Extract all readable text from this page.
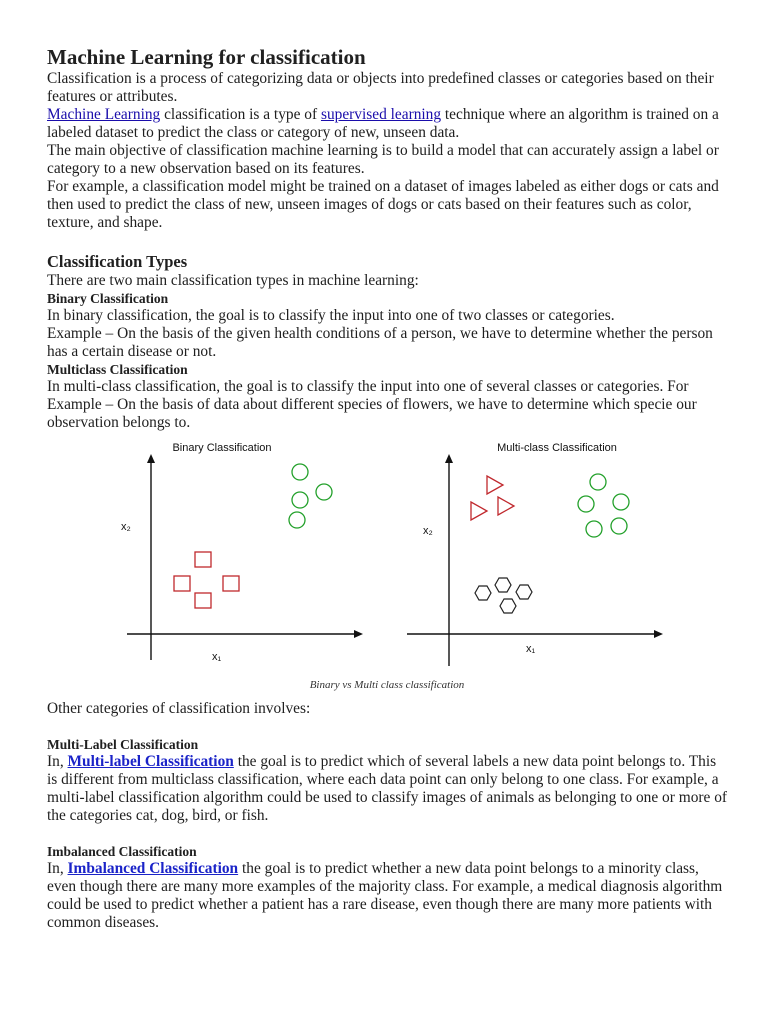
Machine Learning for classification

Classification is a process of categorizing data or objects into predefined classes or categories based on their features or attributes.

Machine Learning classification is a type of supervised learning technique where an algorithm is trained on a labeled dataset to predict the class or category of new, unseen data.

The main objective of classification machine learning is to build a model that can accurately assign a label or category to a new observation based on its features.

For example, a classification model might be trained on a dataset of images labeled as either dogs or cats and then used to predict the class of new, unseen images of dogs or cats based on their features such as color, texture, and shape.

Classification Types

There are two main classification types in machine learning:

Binary Classification

In binary classification, the goal is to classify the input into one of two classes or categories.

Example – On the basis of the given health conditions of a person, we have to determine whether the person has a certain disease or not.

Multiclass Classification

In multi-class classification, the goal is to classify the input into one of several classes or categories. For Example – On the basis of data about different species of flowers, we have to determine which specie our observation belongs to.

Binary Classification
x₂
x₁
Multi-class Classification
x₂
x₁
Binary vs Multi class classification

Other categories of classification involves:

Multi-Label Classification

In, Multi-label Classification the goal is to predict which of several labels a new data point belongs to. This is different from multiclass classification, where each data point can only belong to one class. For example, a multi-label classification algorithm could be used to classify images of animals as belonging to one or more of the categories cat, dog, bird, or fish.

Imbalanced Classification

In, Imbalanced Classification the goal is to predict whether a new data point belongs to a minority class, even though there are many more examples of the majority class. For example, a medical diagnosis algorithm could be used to predict whether a patient has a rare disease, even though there are many more patients with common diseases.
